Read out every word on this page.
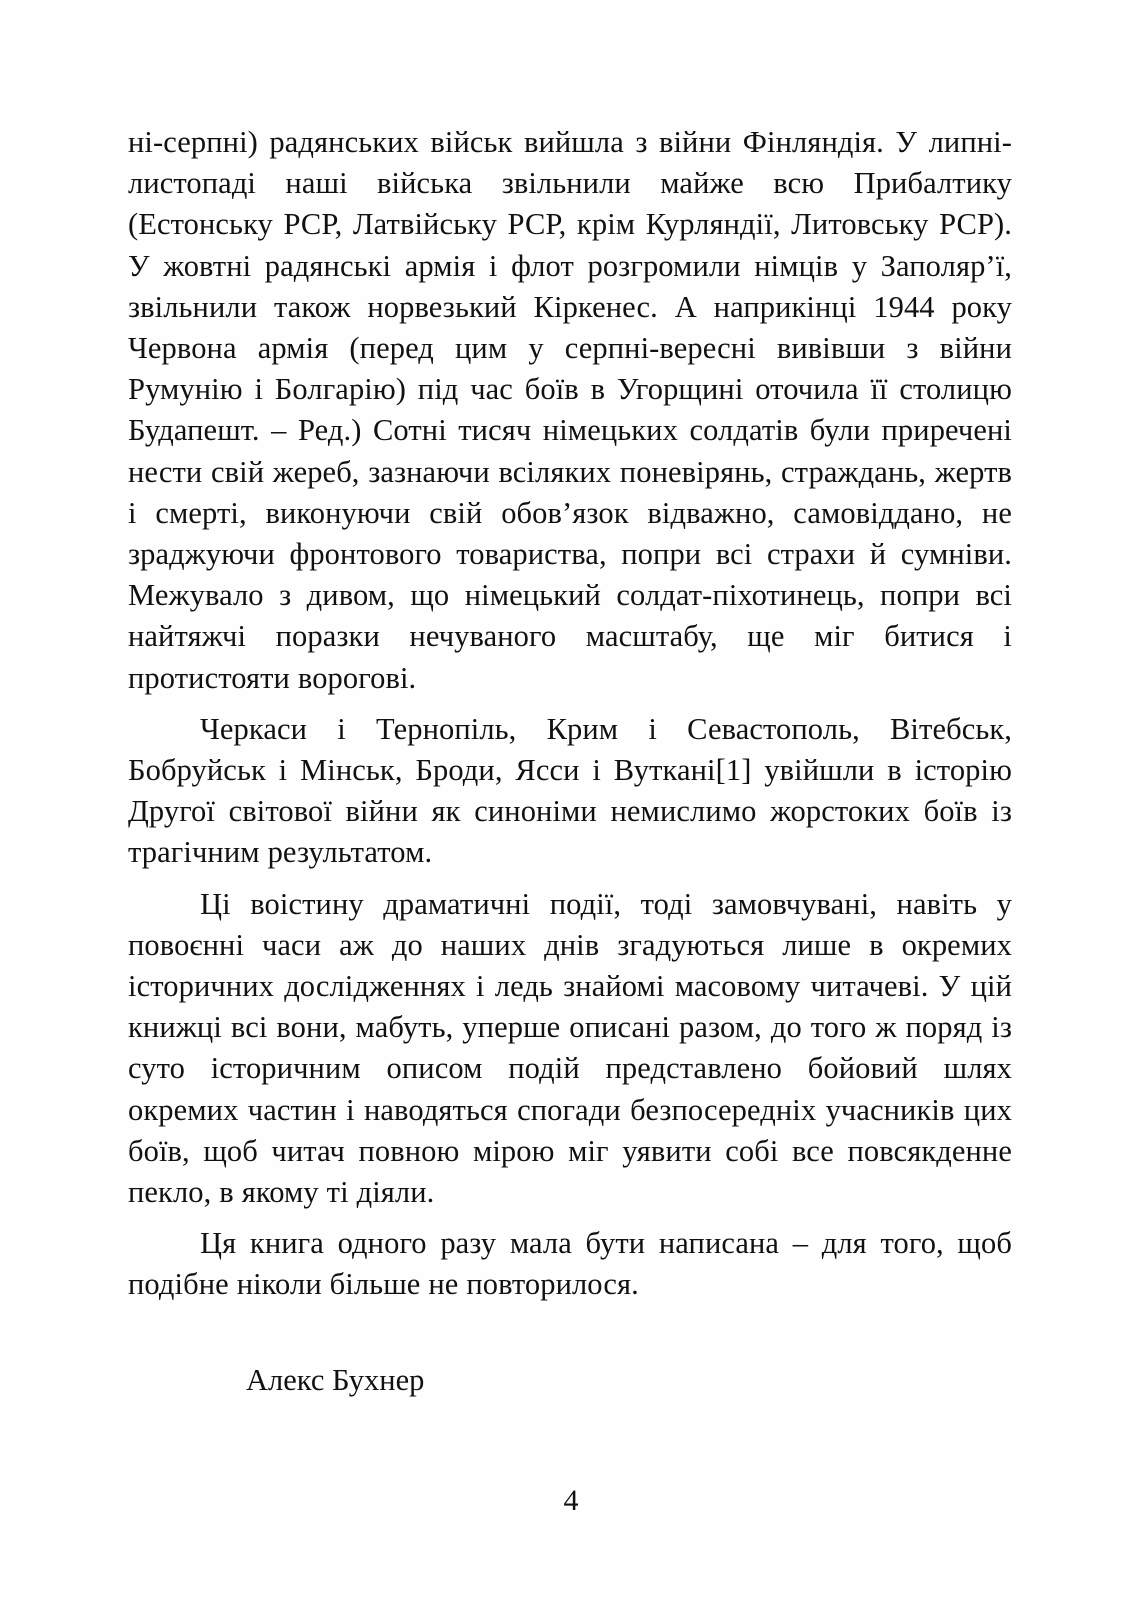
ні-серпні) радянських військ вийшла з війни Фінляндія. У липні-листопаді наші війська звільнили майже всю Прибалтику (Естонську РСР, Латвійську РСР, крім Курляндії, Литовську РСР). У жовтні радянські армія і флот розгромили німців у Заполяр’ї, звільнили також норвезький Кіркенес. А наприкінці 1944 року Червона армія (перед цим у серпні-вересні вивівши з війни Румунію і Болгарію) під час боїв в Угорщині оточила її столицю Будапешт. – Ред.) Сотні тисяч німецьких солдатів були приречені нести свій жереб, зазнаючи всіляких поневірянь, страждань, жертв і смерті, виконуючи свій обов’язок відважно, самовіддано, не зраджуючи фронтового товариства, попри всі страхи й сумніви. Межувало з дивом, що німецький солдат-піхотинець, попри всі найтяжчі поразки нечуваного масштабу, ще міг битися і протистояти ворогові.

Черкаси і Тернопіль, Крим і Севастополь, Вітебськ, Бобруйськ і Мінськ, Броди, Ясси і Вуткані[1] увійшли в історію Другої світової війни як синоніми немислимо жорстоких боїв із трагічним результатом.

Ці воістину драматичні події, тоді замовчувані, навіть у повоєнні часи аж до наших днів згадуються лише в окремих історичних дослідженнях і ледь знайомі масовому читачеві. У цій книжці всі вони, мабуть, уперше описані разом, до того ж поряд із суто історичним описом подій представлено бойовий шлях окремих частин і наводяться спогади безпосередніх учасників цих боїв, щоб читач повною мірою міг уявити собі все повсякденне пекло, в якому ті діяли.

Ця книга одного разу мала бути написана – для того, щоб подібне ніколи більше не повторилося.

Алекс Бухнер

4
